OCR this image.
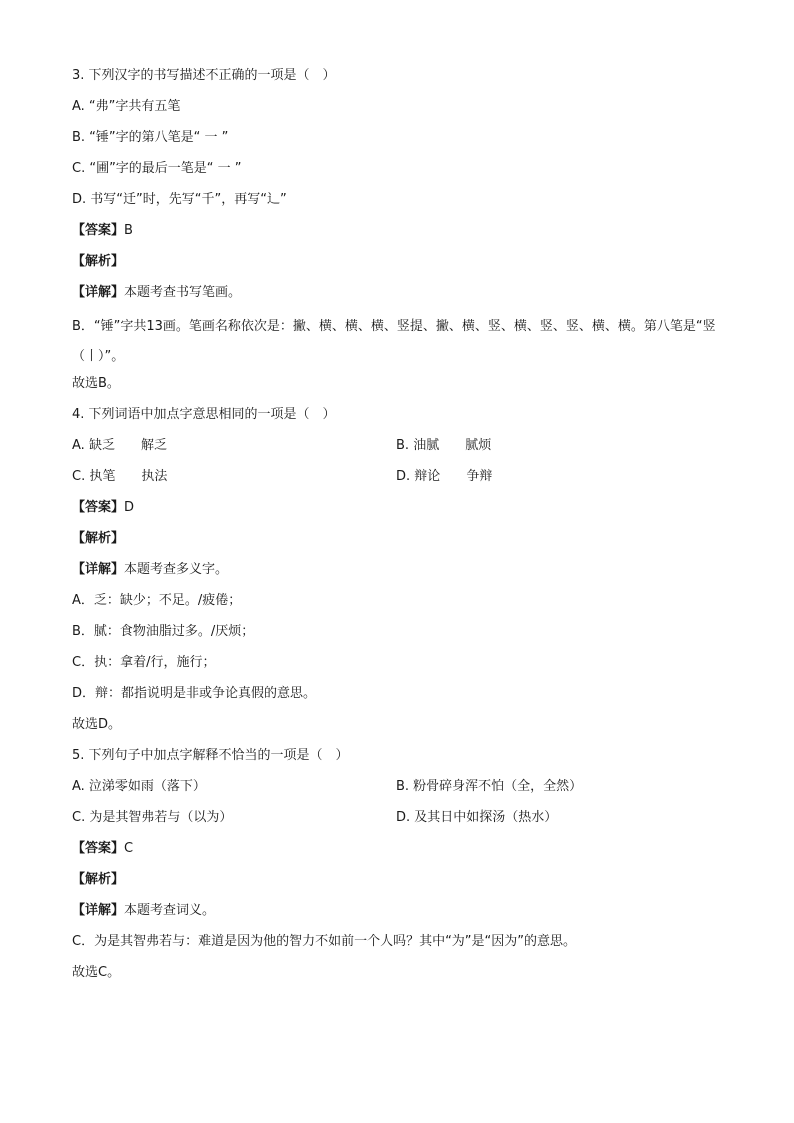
3. 下列汉字的书写描述不正确的一项是（　）
A. “弗”字共有五笔
B. “锤”字的第八笔是“ 一 ”
C. “圃”字的最后一笔是“ 一 ”
D. 书写“迁”时，先写“千”，再写“辶”
【答案】B
【解析】
【详解】本题考查书写笔画。
B．“锤”字共13画。笔画名称依次是：撇、横、横、横、竖提、撇、横、竖、横、竖、竖、横、横。第八笔是“竖（丨）”。
故选B。
4. 下列词语中加点字意思相同的一项是（　）
A. 缺乏 解乏	B. 油腻 腻烦
C. 执笔 执法	D. 辩论 争辩
【答案】D
【解析】
【详解】本题考查多义字。
A．乏：缺少；不足。/疲倦；
B．腻：食物油脂过多。/厌烦；
C．执：拿着/行，施行；
D．辩：都指说明是非或争论真假的意思。
故选D。
5. 下列句子中加点字解释不恰当的一项是（　）
A. 泣涕零如雨（落下）	B. 粉骨碎身浑不怕（全，全然）
C. 为是其智弗若与（以为）	D. 及其日中如探汤（热水）
【答案】C
【解析】
【详解】本题考查词义。
C．为是其智弗若与：难道是因为他的智力不如前一个人吗？其中“为”是“因为”的意思。
故选C。
